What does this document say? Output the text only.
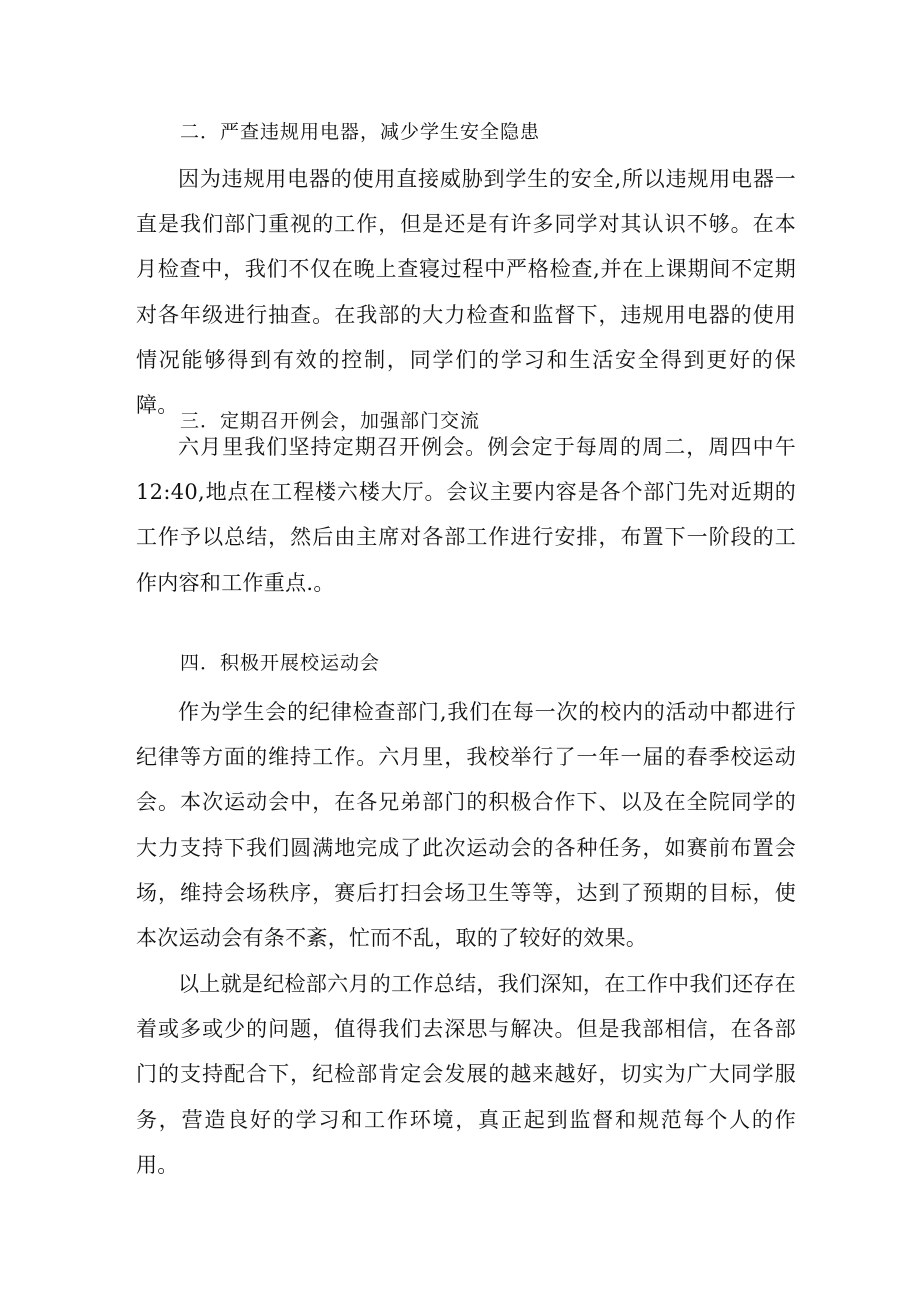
二．严查违规用电器，减少学生安全隐患

因为违规用电器的使用直接威胁到学生的安全,所以违规用电器一直是我们部门重视的工作，但是还是有许多同学对其认识不够。在本月检查中，我们不仅在晚上查寝过程中严格检查,并在上课期间不定期对各年级进行抽查。在我部的大力检查和监督下，违规用电器的使用情况能够得到有效的控制，同学们的学习和生活安全得到更好的保障。

三．定期召开例会，加强部门交流

六月里我们坚持定期召开例会。例会定于每周的周二，周四中午12:40,地点在工程楼六楼大厅。会议主要内容是各个部门先对近期的工作予以总结，然后由主席对各部工作进行安排，布置下一阶段的工作内容和工作重点.。

四．积极开展校运动会

作为学生会的纪律检查部门,我们在每一次的校内的活动中都进行纪律等方面的维持工作。六月里，我校举行了一年一届的春季校运动会。本次运动会中，在各兄弟部门的积极合作下、以及在全院同学的大力支持下我们圆满地完成了此次运动会的各种任务，如赛前布置会场，维持会场秩序，赛后打扫会场卫生等等，达到了预期的目标，使本次运动会有条不紊，忙而不乱，取的了较好的效果。

以上就是纪检部六月的工作总结，我们深知，在工作中我们还存在着或多或少的问题，值得我们去深思与解决。但是我部相信，在各部门的支持配合下，纪检部肯定会发展的越来越好，切实为广大同学服务，营造良好的学习和工作环境，真正起到监督和规范每个人的作用。
